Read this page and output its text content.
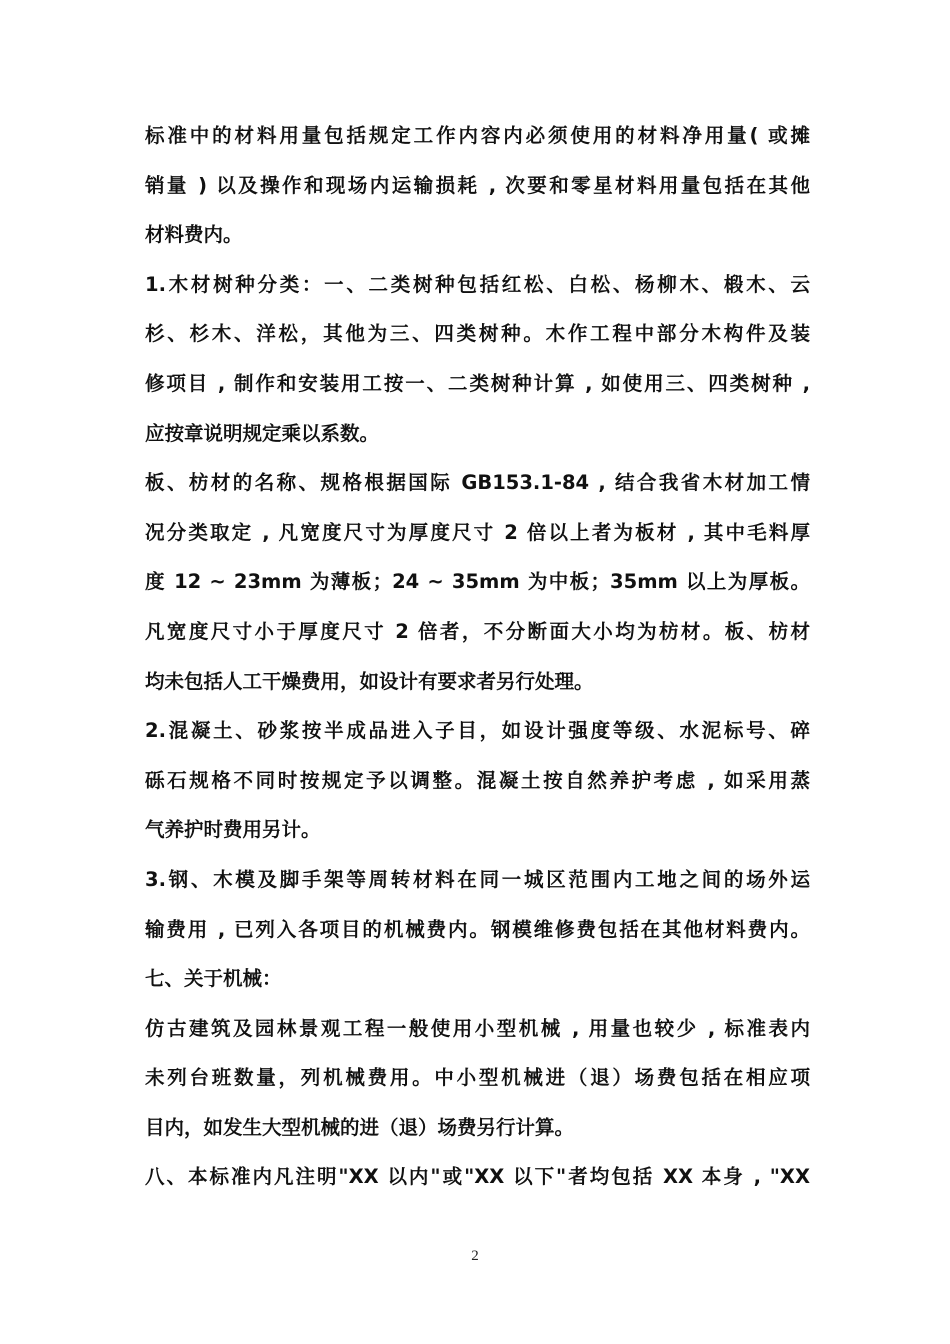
标准中的材料用量包括规定工作内容内必须使用的材料净用量( 或摊
销量 ) 以及操作和现场内运输损耗 , 次要和零星材料用量包括在其他
材料费内。
1.木材树种分类：一、二类树种包括红松、白松、杨柳木、椴木、云
杉、杉木、洋松，其他为三、四类树种。木作工程中部分木构件及装
修项目 , 制作和安装用工按一、二类树种计算 , 如使用三、四类树种 ,
应按章说明规定乘以系数。
板、枋材的名称、规格根据国际 GB153.1-84 , 结合我省木材加工情
况分类取定 , 凡宽度尺寸为厚度尺寸 2 倍以上者为板材 , 其中毛料厚
度 12 ~ 23mm 为薄板；24 ~ 35mm 为中板；35mm 以上为厚板。
凡宽度尺寸小于厚度尺寸 2 倍者，不分断面大小均为枋材。板、枋材
均未包括人工干燥费用，如设计有要求者另行处理。
2.混凝土、砂浆按半成品进入子目，如设计强度等级、水泥标号、碎
砾石规格不同时按规定予以调整。混凝土按自然养护考虑 , 如采用蒸
气养护时费用另计。
3.钢、木模及脚手架等周转材料在同一城区范围内工地之间的场外运
输费用 , 已列入各项目的机械费内。钢模维修费包括在其他材料费内。
七、关于机械：
仿古建筑及园林景观工程一般使用小型机械 , 用量也较少 , 标准表内
未列台班数量，列机械费用。中小型机械进（退）场费包括在相应项
目内，如发生大型机械的进（退）场费另行计算。
八、本标准内凡注明"XX 以内"或"XX 以下"者均包括 XX 本身 , "XX
2
